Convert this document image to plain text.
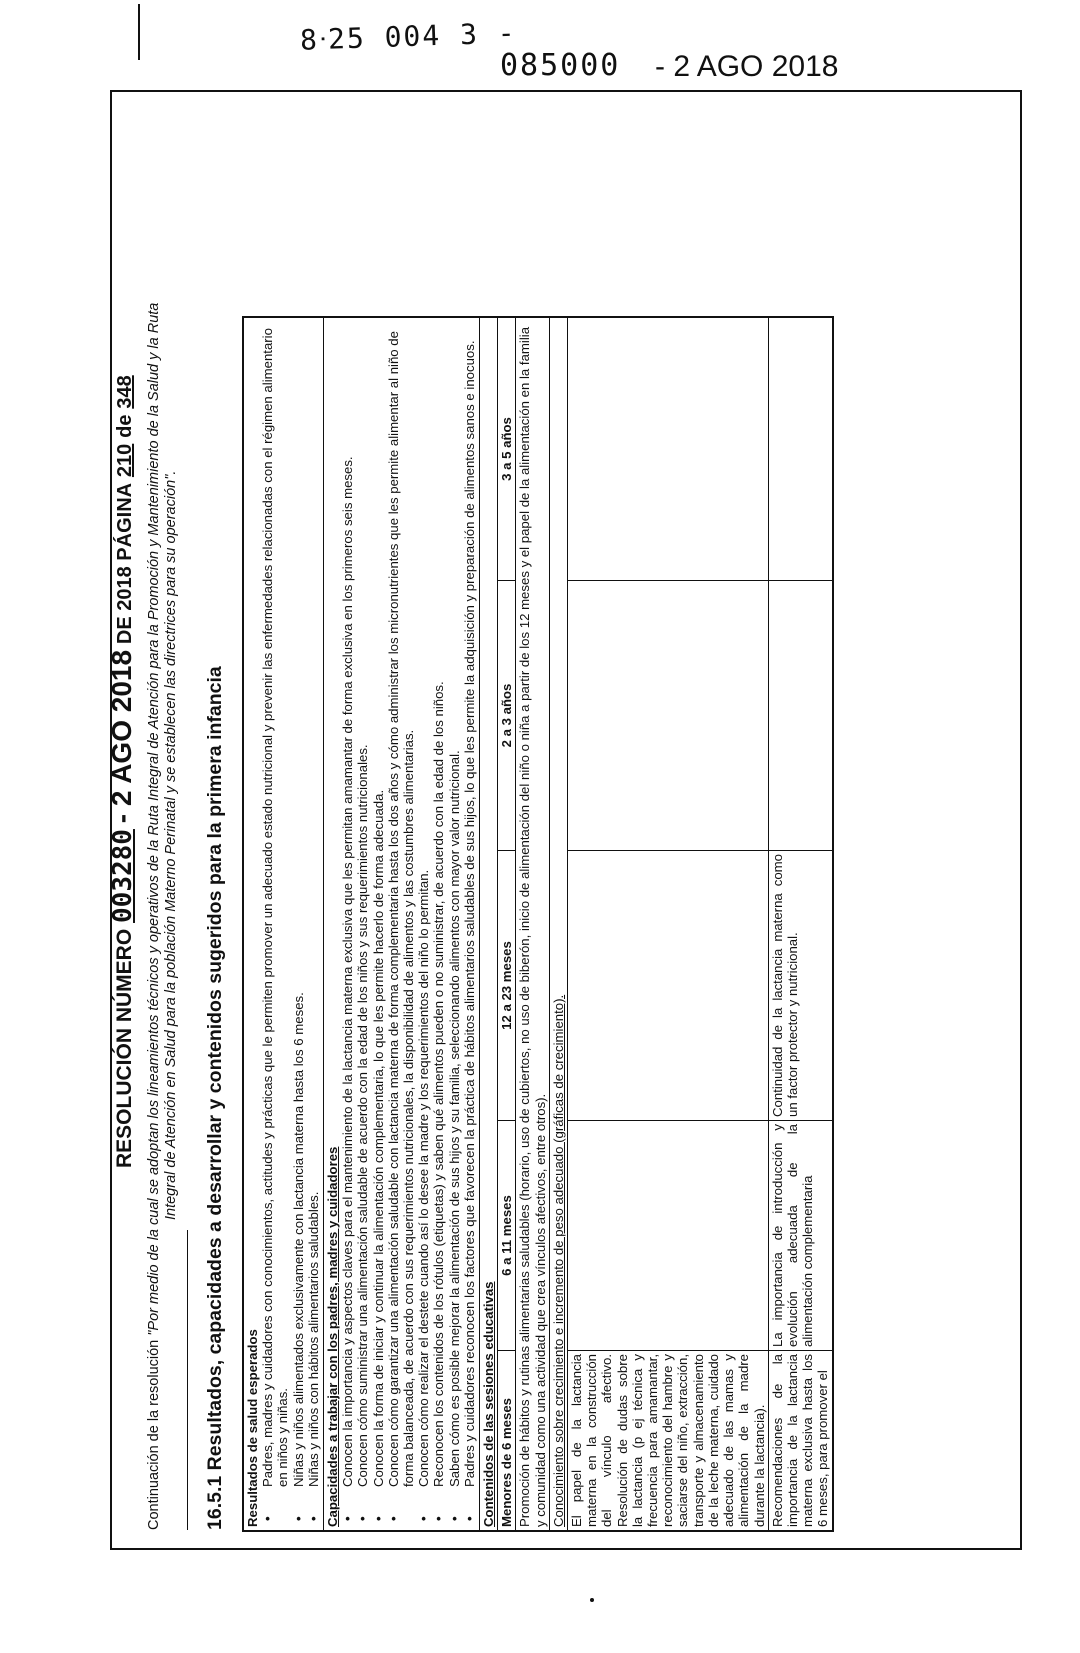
8ᐧ25 004 3 -
085000 - 2 AGO 2018
RESOLUCIÓN NÚMERO 003280 - 2 AGO 2018 DE 2018 PÁGINA 210 de 348
Continuación de la resolución "Por medio de la cual se adoptan los lineamientos técnicos y operativos de la Ruta Integral de Atención para la Promoción y Mantenimiento de la Salud y la Ruta Integral de Atención en Salud para la población Materno Perinatal y se establecen las directrices para su operación". 16.5.1 Resultados, capacidades a desarrollar y contenidos sugeridos para la primera infancia Resultados de salud esperados • Padres, madres y cuidadores con conocimientos, actitudes y prácticas que le permiten promover un adecuado estado nutricional y prevenir las enfermedades relacionadas con el régimen alimentario en niños y niñas. • Niñas y niños alimentados exclusivamente con lactancia materna hasta los 6 meses. • Niñas y niños con hábitos alimentarios saludables. Capacidades a trabajar con los padres, madres y cuidadores • Conocen la importancia y aspectos claves para el mantenimiento de la lactancia materna exclusiva que les permitan amamantar de forma exclusiva en los primeros seis meses. • Conocen cómo suministrar una alimentación saludable de acuerdo con la edad de los niños y sus requerimientos nutricionales. • Conocen la forma de iniciar y continuar la alimentación complementaria, lo que les permite hacerlo de forma adecuada. • Conocen cómo garantizar una alimentación saludable con lactancia materna de forma complementaria hasta los dos años y cómo administrar los micronutrientes que les permite alimentar al niño de forma balanceada, de acuerdo con sus requerimientos nutricionales, la disponibilidad de alimentos y las costumbres alimentarias. • Conocen cómo realizar el destete cuando así lo desee la madre y los requerimientos del niño lo permitan. • Reconocen los contenidos de los rótulos (etiquetas) y saben qué alimentos pueden o no suministrar, de acuerdo con la edad de los niños. • Saben cómo es posible mejorar la alimentación de sus hijos y su familia, seleccionando alimentos con mayor valor nutricional. • Padres y cuidadores reconocen los factores que favorecen la práctica de hábitos alimentarios saludables de sus hijos, lo que les permite la adquisición y preparación de alimentos sanos e inocuos. Contenidos de las sesiones educativas Menores de 6 meses
6 a 11 meses
12 a 23 meses
2 a 3 años
3 a 5 años Promoción de hábitos y rutinas alimentarias saludables (horario, uso de cubiertos, no uso de biberón, inicio de alimentación del niño o niña a partir de los 12 meses y el papel de la alimentación en la familia y comunidad como una actividad que crea vínculos afectivos, entre otros). Conocimiento sobre crecimiento e incremento de peso adecuado (gráficas de crecimiento). El papel de la lactancia materna en la construcción del vínculo afectivo. Resolución de dudas sobre la lactancia (p ej técnica y frecuencia para amamantar, reconocimiento del hambre y saciarse del niño, extracción, transporte y almacenamiento de la leche materna, cuidado adecuado de las mamas y alimentación de la madre durante la lactancia). Recomendaciones de la importancia de la lactancia materna exclusiva hasta los 6 meses, para promover el
La importancia de introducción y evolución adecuada de la alimentación complementaria
Continuidad de la lactancia materna como un factor protector y nutricional.
